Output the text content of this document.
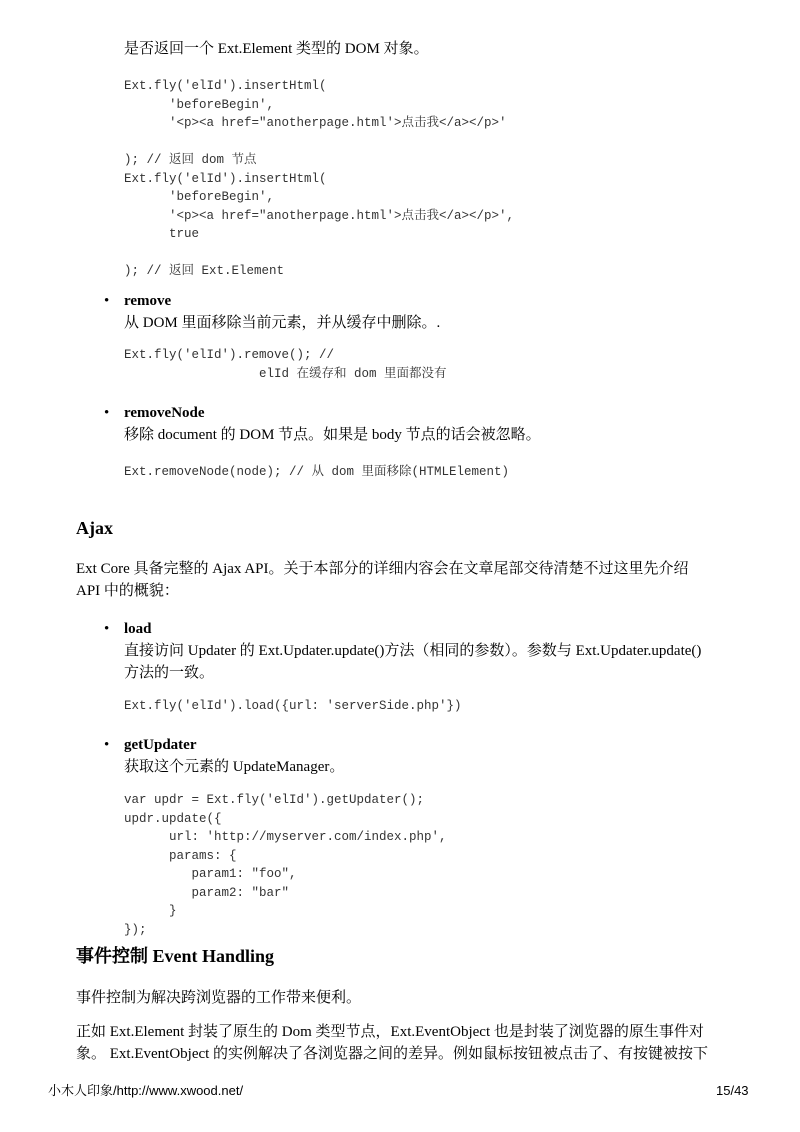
是否返回一个 Ext.Element 类型的 DOM 对象。
Ext.fly('elId').insertHtml(
'beforeBegin',
'<p><a href="anotherpage.html'>点击我</a></p>'

); // 返回 dom 节点
Ext.fly('elId').insertHtml(
'beforeBegin',
'<p><a href="anotherpage.html'>点击我</a></p>',
true

); // 返回 Ext.Element
• remove
从 DOM 里面移除当前元素，并从缓存中删除。.
Ext.fly('elId').remove(); //
elId 在缓存和 dom 里面都没有
• removeNode
移除 document 的 DOM 节点。如果是 body 节点的话会被忽略。
Ext.removeNode(node); // 从 dom 里面移除(HTMLElement)
Ajax
Ext Core 具备完整的 Ajax API。关于本部分的详细内容会在文章尾部交待清楚不过这里先介绍
API 中的概貌：
• load
直接访问 Updater 的 Ext.Updater.update()方法（相同的参数）。参数与 Ext.Updater.update()
方法的一致。
Ext.fly('elId').load({url: 'serverSide.php'})
• getUpdater
获取这个元素的 UpdateManager。
var updr = Ext.fly('elId').getUpdater();
updr.update({
url: 'http://myserver.com/index.php',
params: {
param1: "foo",
param2: "bar"
}
});
事件控制 Event Handling
事件控制为解决跨浏览器的工作带来便利。
正如 Ext.Element 封装了原生的 Dom 类型节点，Ext.EventObject 也是封装了浏览器的原生事件对
象。 Ext.EventObject 的实例解决了各浏览器之间的差异。例如鼠标按钮被点击了、有按键被按下
小木人印象/http://www.xwood.net/	15/43
